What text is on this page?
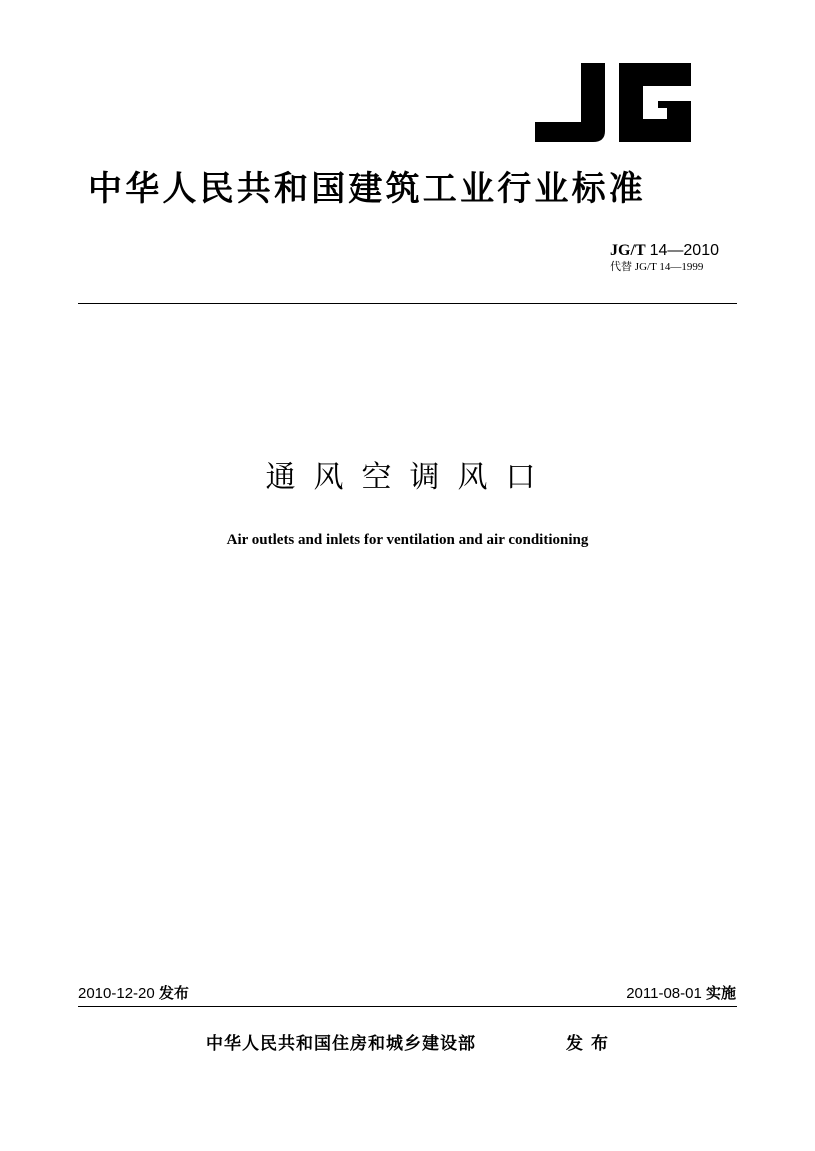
中华人民共和国建筑工业行业标准
JG/T 14—2010
代替 JG/T 14—1999
通风空调风口
Air outlets and inlets for ventilation and air conditioning
2010-12-20 发布	2011-08-01 实施
中华人民共和国住房和城乡建设部	发布
